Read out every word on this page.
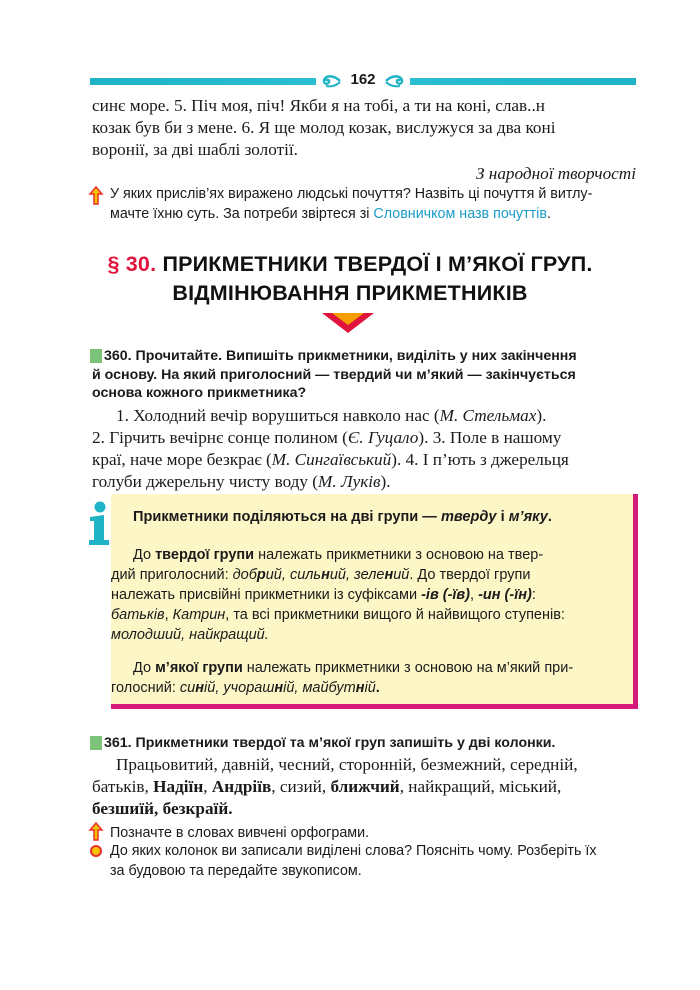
162
синє море. 5. Піч моя, піч! Якби я на тобі, а ти на коні, слав..н
козак був би з мене. 6. Я ще молод козак, вислужуся за два коні
воронії, за дві шаблі золотії.
З народної творчості
У яких прислів’ях виражено людські почуття? Назвіть ці почуття й витлу-
мачте їхню суть. За потреби звіртеся зі Словничком назв почуттів.
§ 30. ПРИКМЕТНИКИ ТВЕРДОЇ І М’ЯКОЇ ГРУП.
ВІДМІНЮВАННЯ ПРИКМЕТНИКІВ
360. Прочитайте. Випишіть прикметники, виділіть у них закінчення
й основу. На який приголосний — твердий чи м’який — закінчується
основа кожного прикметника?
1. Холодний вечір ворушиться навколо нас (М. Стельмах).
2. Гірчить вечірнє сонце полином (Є. Гуцало). 3. Поле в нашому
краї, наче море безкрає (М. Сингаївський). 4. І п’ють з джерельця
голуби джерельну чисту воду (М. Луків).
Прикметники поділяються на дві групи — тверду і м’яку.
До твердої групи належать прикметники з основою на твер-
дий приголосний: добрий, сильний, зелений. До твердої групи
належать присвійні прикметники із суфіксами -ів (-їв), -ин (-їн):
батьків, Катрин, та всі прикметники вищого й найвищого ступенів:
молодший, найкращий.
До м’якої групи належать прикметники з основою на м’який при-
голосний: синій, учорашній, майбутній.
361. Прикметники твердої та м’якої груп запишіть у дві колонки.
Працьовитий, давній, чесний, сторонній, безмежний, середній,
батьків, Надіїн, Андріїв, сизий, ближчий, найкращий, міський,
безшиїй, безкраїй.
Позначте в словах вивчені орфограми.
До яких колонок ви записали виділені слова? Поясніть чому. Розберіть їх
за будовою та передайте звукописом.
